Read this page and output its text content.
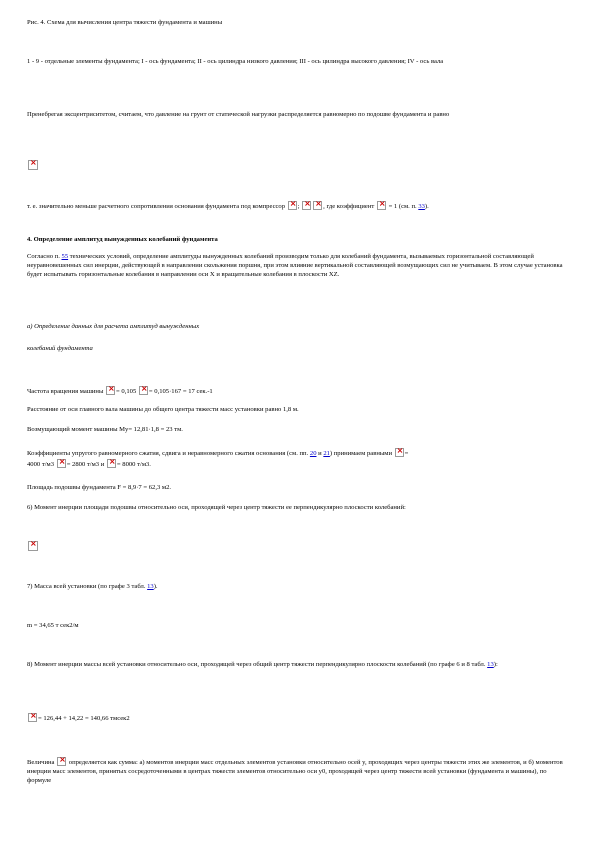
Рис. 4. Схема для вычисления центра тяжести фундамента и машины
1 - 9 - отдельные элементы фундамента; I - ось фундамента; II - ось цилиндра низкого давления; III - ось цилиндра высокого давления; IV - ось вала
Пренебрегая эксцентриситетом, считаем, что давление на грунт от статической нагрузки распределяется равномерно по подошве фундамента и равно
×
т. е. значительно меньше расчетного сопротивления основания фундамента под компрессор × ; × ×	, где коэффициент × = 1 (см. п. 33).
4. Определение амплитуд вынужденных колебаний фундамента
Согласно п. 55 технических условий, определение амплитуды вынужденных колебаний производим только для колебаний фундамента, вызываемых горизонтальной составляющей неуравновешенных сил инерции, действующей в направлении скольжения поршня, при этом влияние вертикальной составляющей возмущающих сил не учитываем. В этом случае установка будет испытывать горизонтальные колебания в направлении оси X и вращательные колебания в плоскости XZ.
а) Определение данных для расчета амплитуд вынужденных
колебаний фундамента
Частота вращения машины × = 0,105 × = 0,105·167 = 17 сек.-1
Расстояние от оси главного вала машины до общего центра тяжести масс установки равно 1,8 м.
Возмущающий момент машины Мy= 12,81·1,8 = 23 тм.
Коэффициенты упругого равномерного сжатия, сдвига и неравномерного сжатия основания (см. пп. 20 и 21) принимаем равными × =
4000 т/м3 × = 2800 т/м3 и × = 8000 т/м3.
Площадь подошвы фундамента F = 8,9·7 = 62,3 м2.
6) Момент инерции площади подошвы относительно оси, проходящей через центр тяжести ее перпендикулярно плоскости колебаний:
×
7) Масса всей установки (по графе 3 табл. 13).
m = 34,65 т сек2/м
8) Момент инерции массы всей установки относительно оси, проходящей через общий центр тяжести перпендикулярно плоскости колебаний (по графе 6 и 8 табл. 13):
×= 126,44 + 14,22 = 140,66 тмсек2
Величина × определяется как сумма: а) моментов инерции масс отдельных элементов установки относительно осей y, проходящих через центры тяжести этих же элементов, и б) моментов инерции масс элементов, принятых сосредоточенными в центрах тяжести элементов относительно оси y0, проходящей через центр тяжести всей установки (фундамента и машины), по формуле
